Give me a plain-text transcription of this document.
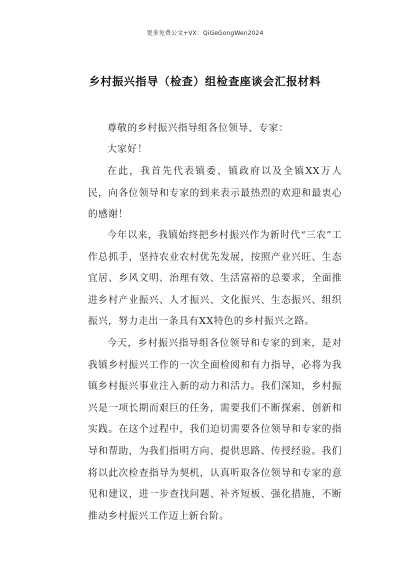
更多免费公文+VX：QiGeGongWen2024
乡村振兴指导（检查）组检查座谈会汇报材料

尊敬的乡村振兴指导组各位领导、专家：

大家好！

在此，我首先代表镇委、镇政府以及全镇XX万人民，向各位领导和专家的到来表示最热烈的欢迎和最衷心的感谢！

今年以来，我镇始终把乡村振兴作为新时代“三农”工作总抓手，坚持农业农村优先发展，按照产业兴旺、生态宜居、乡风文明、治理有效、生活富裕的总要求，全面推进乡村产业振兴、人才振兴、文化振兴、生态振兴、组织振兴，努力走出一条具有XX特色的乡村振兴之路。

今天，乡村振兴指导组各位领导和专家的到来，是对我镇乡村振兴工作的一次全面检阅和有力指导，必将为我镇乡村振兴事业注入新的动力和活力。我们深知，乡村振兴是一项长期而艰巨的任务，需要我们不断探索、创新和实践。在这个过程中，我们迫切需要各位领导和专家的指导和帮助，为我们指明方向、提供思路、传授经验。我们将以此次检查指导为契机，认真听取各位领导和专家的意见和建议，进一步查找问题、补齐短板、强化措施，不断推动乡村振兴工作迈上新台阶。
